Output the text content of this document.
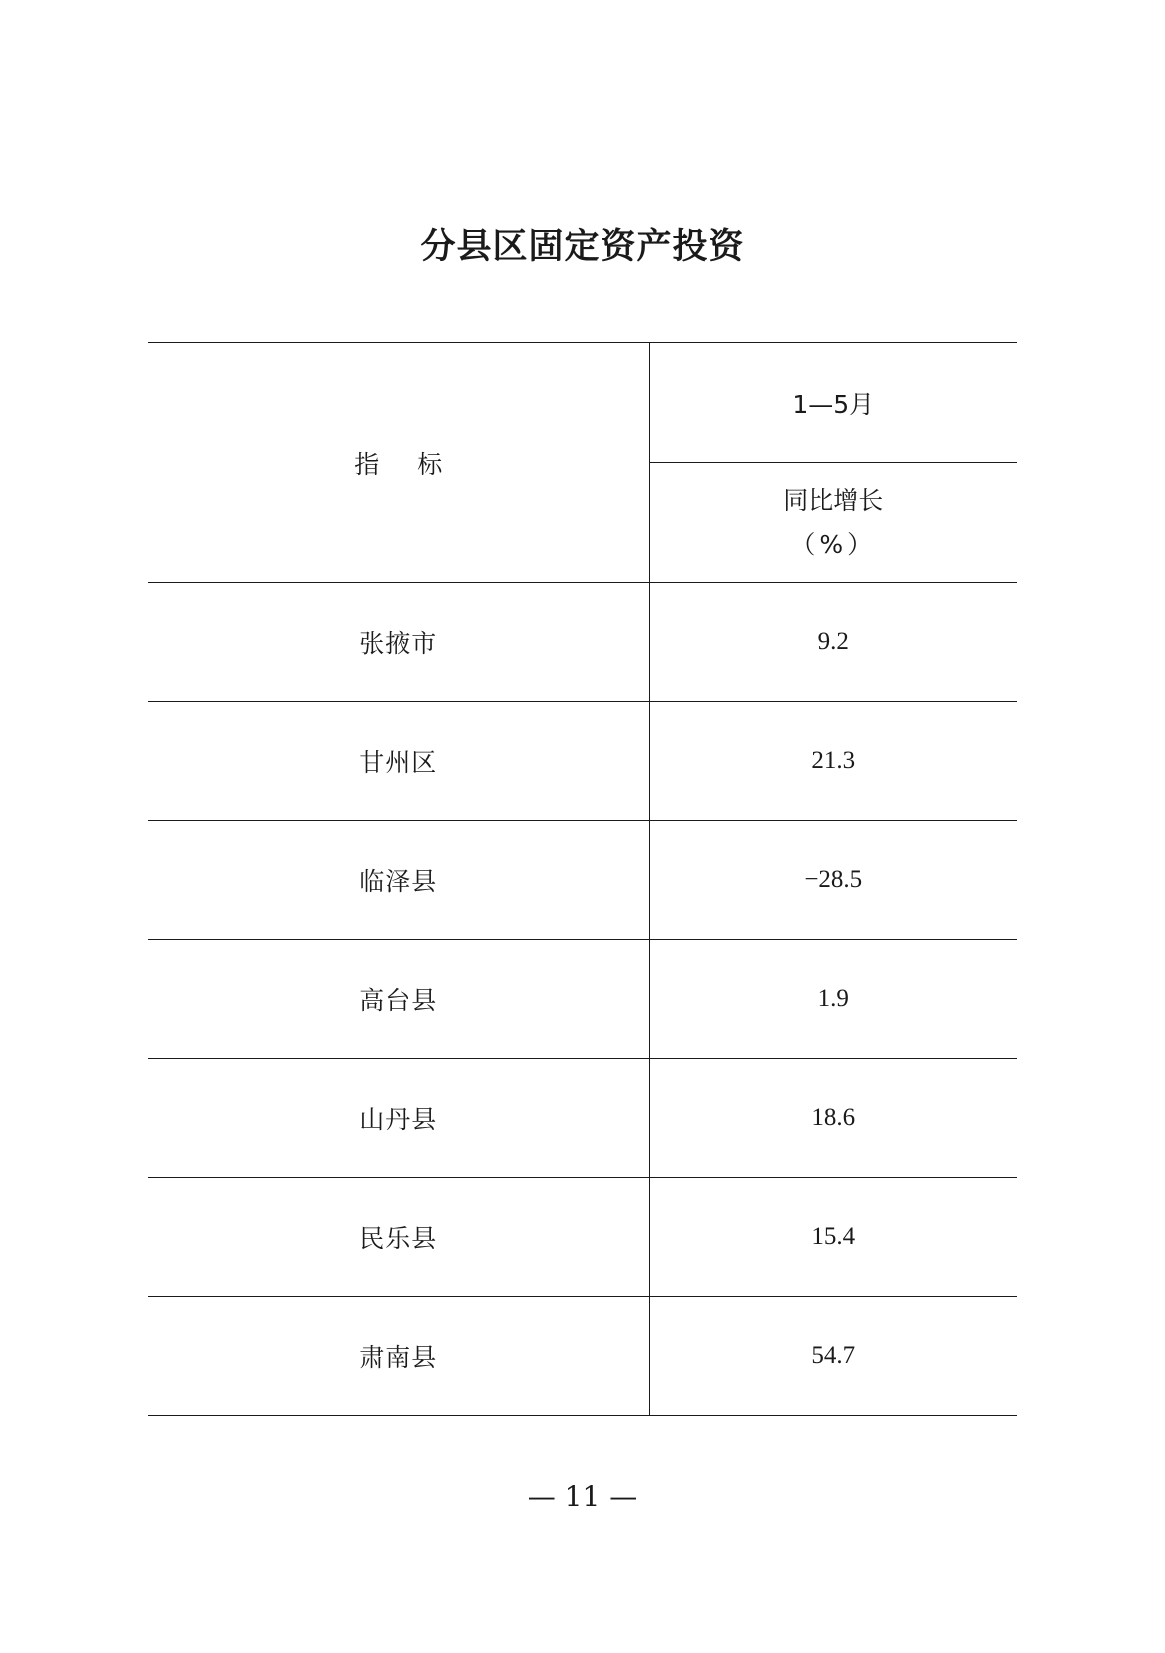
分县区固定资产投资
指标	1—5月
	同比增长
（%）

张掖市	9.2
甘州区	21.3
临泽县	−28.5
高台县	1.9
山丹县	18.6
民乐县	15.4
肃南县	54.7
— 11 —
